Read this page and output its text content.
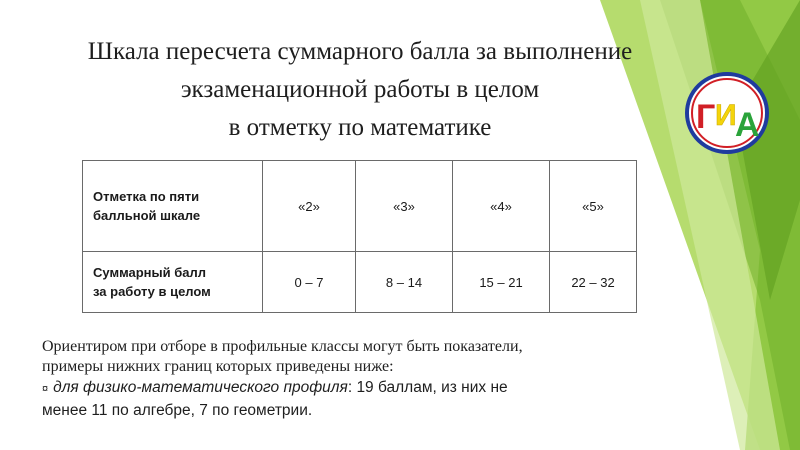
Шкала пересчета суммарного балла за выполнение
экзаменационной работы в целом
в отметку по математике	Г И
А
Отметка по пяти
балльной шкале	«2»	«3»	«4»	«5»
Суммарный балл
за работу в целом	0 – 7	8 – 14	15 – 21	22 – 32
Ориентиром при отборе в профильные классы могут быть показатели,
примеры нижних границ которых приведены ниже:
¤ для физико-математического профиля: 19 баллам, из них не
менее 11 по алгебре, 7 по геометрии.
